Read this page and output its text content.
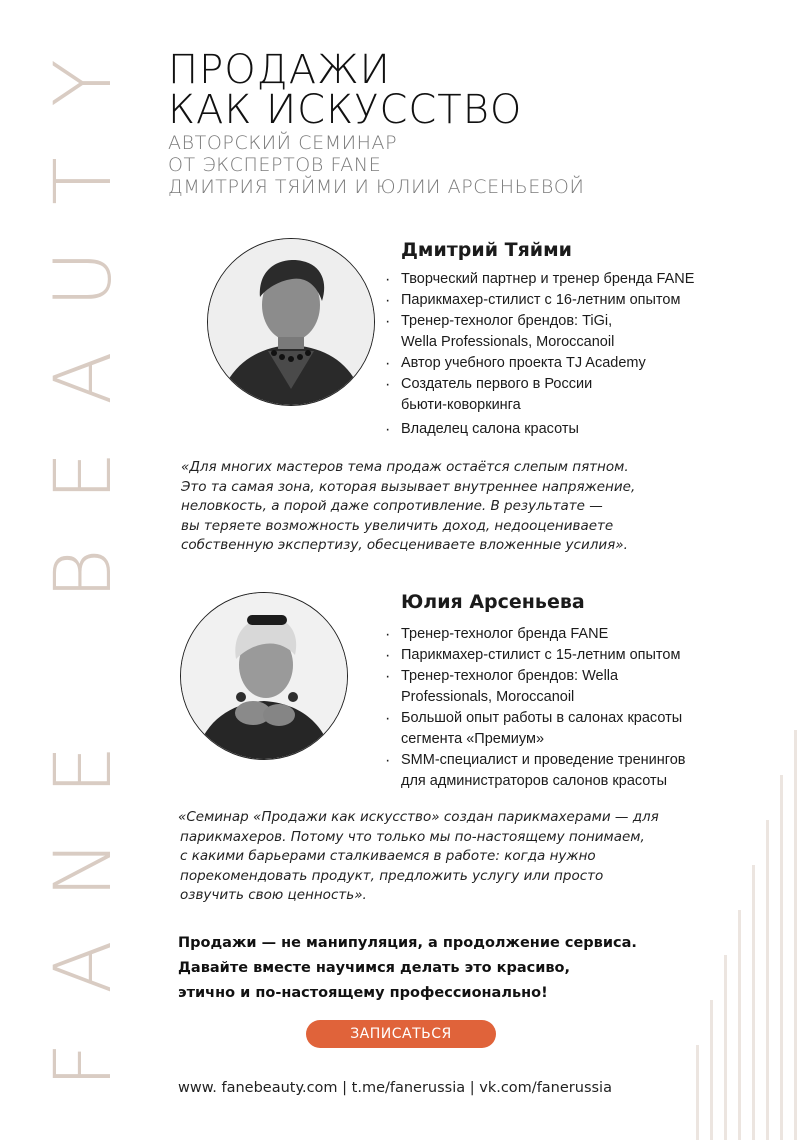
F
A
N
E
B
E
A
U
T
Y ПРОДАЖИ
КАК ИСКУССТВО
АВТОРСКИЙ СЕМИНАР
ОТ ЭКСПЕРТОВ FANE
ДМИТРИЯ ТЯЙМИ И ЮЛИИ АРСЕНЬЕВОЙ
Дмитрий Тяйми
· Творческий партнер и тренер бренда FANE
· Парикмахер-стилист с 16-летним опытом
· Тренер-технолог брендов: TiGi,
Wella Professionals, Moroccanoil
· Автор учебного проекта TJ Academy
· Создатель первого в России
бьюти-коворкинга
· Владелец салона красоты
«Для многих мастеров тема продаж остаётся слепым пятном.
Это та самая зона, которая вызывает внутреннее напряжение,
неловкость, а порой даже сопротивление. В результате —
вы теряете возможность увеличить доход, недооцениваете
собственную экспертизу, обесцениваете вложенные усилия».
Юлия Арсеньева
· Тренер-технолог бренда FANE
· Парикмахер-стилист с 15-летним опытом
· Тренер-технолог брендов: Wella
Professionals, Moroccanoil
· Большой опыт работы в салонах красоты
сегмента «Премиум»
· SMM-специалист и проведение тренингов
для администраторов салонов красоты
«Семинар «Продажи как искусство» создан парикмахерами — для
парикмахеров. Потому что только мы по-настоящему понимаем,
с какими барьерами сталкиваемся в работе: когда нужно
порекомендовать продукт, предложить услугу или просто
озвучить свою ценность».
Продажи — не манипуляция, а продолжение сервиса.
Давайте вместе научимся делать это красиво,
этично и по-настоящему профессионально!
ЗАПИСАТЬСЯ
www. fanebeauty.com | t.me/fanerussia | vk.com/fanerussia
